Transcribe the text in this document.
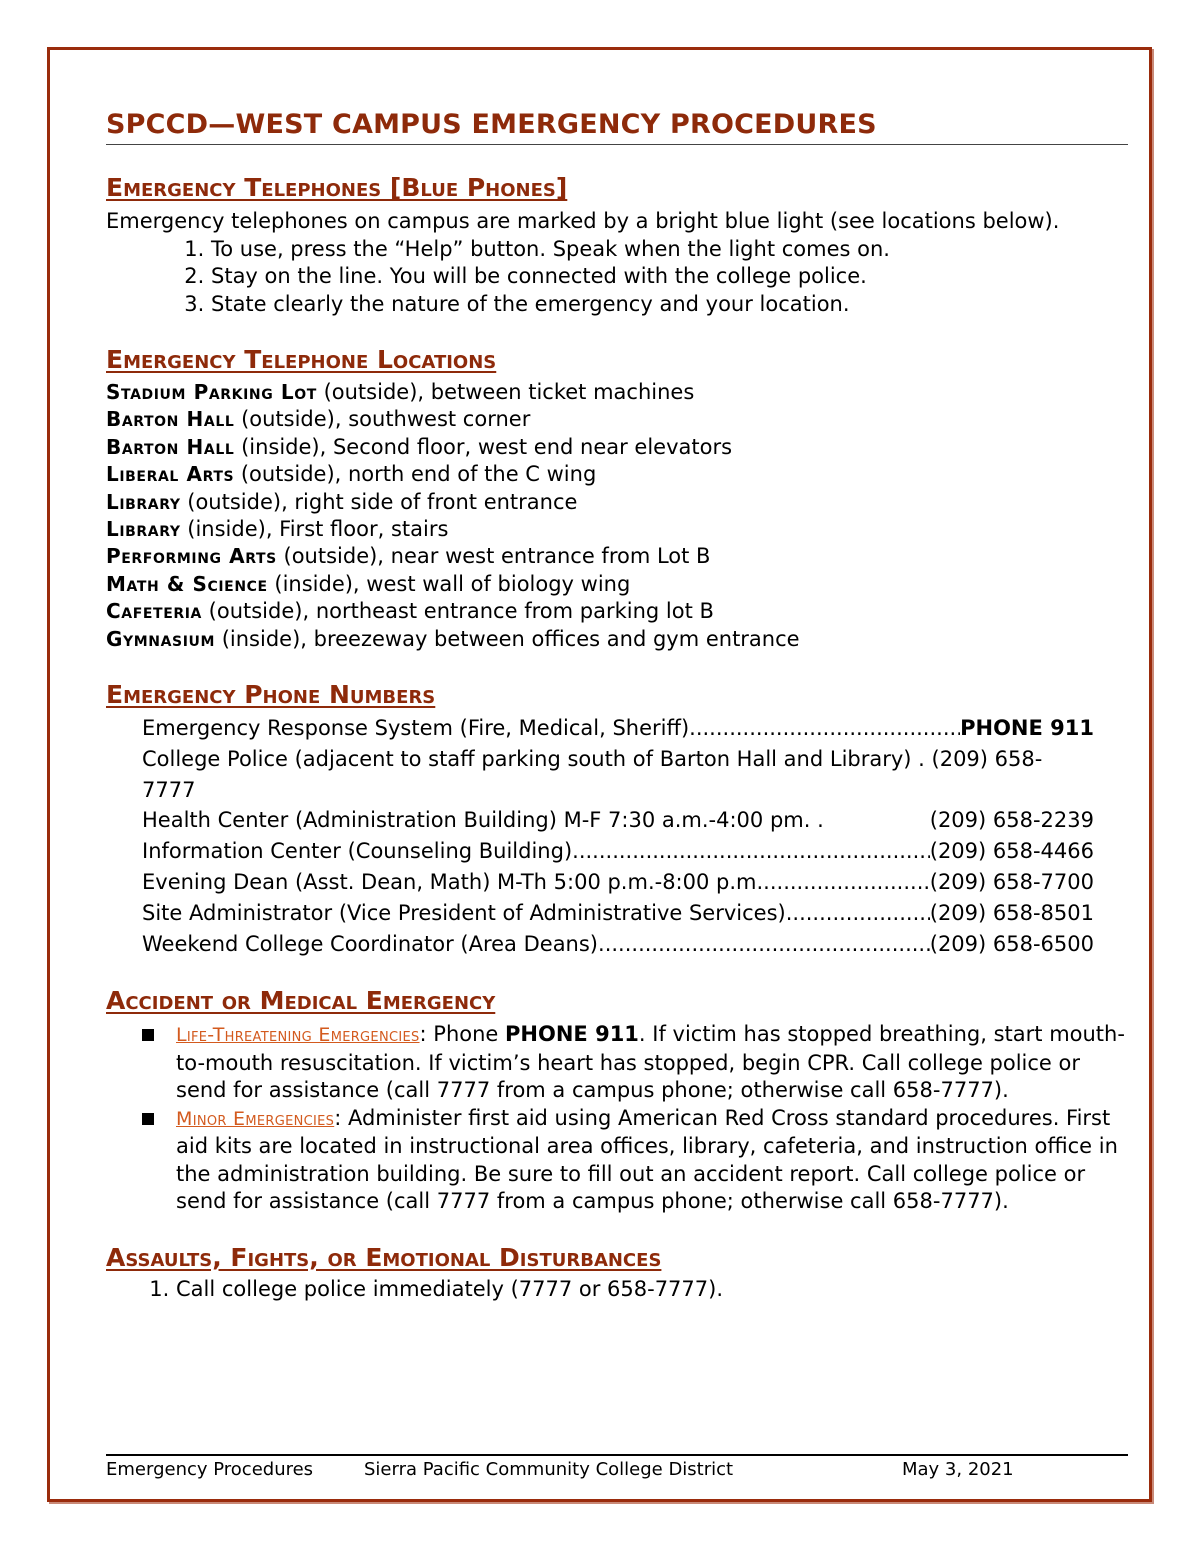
SPCCD—WEST CAMPUS EMERGENCY PROCEDURES
Emergency Telephones [Blue Phones]

Emergency telephones on campus are marked by a bright blue light (see locations below).

1. To use, press the “Help” button. Speak when the light comes on.
2. Stay on the line. You will be connected with the college police.
3. State clearly the nature of the emergency and your location.
Emergency Telephone Locations
Stadium Parking Lot (outside), between ticket machines
Barton Hall (outside), southwest corner
Barton Hall (inside), Second floor, west end near elevators
Liberal Arts (outside), north end of the C wing
Library (outside), right side of front entrance
Library (inside), First floor, stairs
Performing Arts (outside), near west entrance from Lot B
Math & Science (inside), west wall of biology wing
Cafeteria (outside), northeast entrance from parking lot B
Gymnasium (inside), breezeway between offices and gym entrance
Emergency Phone Numbers
Emergency Response System (Fire, Medical, Sheriff) .....	PHONE 911
College Police (adjacent to staff parking south of Barton Hall and Library) . (209) 658-7777
Health Center (Administration Building) M-F 7:30 a.m.-4:00 pm. .	(209) 658-2239
Information Center (Counseling Building) .....	(209) 658-4466
Evening Dean (Asst. Dean, Math) M-Th 5:00 p.m.-8:00 p.m. .....	(209) 658-7700
Site Administrator (Vice President of Administrative Services) .....	(209) 658-8501
Weekend College Coordinator (Area Deans) .....	(209) 658-6500
Accident or Medical Emergency
Life-Threatening Emergencies: Phone PHONE 911. If victim has stopped breathing, start mouth-to-mouth resuscitation. If victim’s heart has stopped, begin CPR. Call college police or send for assistance (call 7777 from a campus phone; otherwise call 658-7777).
Minor Emergencies: Administer first aid using American Red Cross standard procedures. First aid kits are located in instructional area offices, library, cafeteria, and instruction office in the administration building. Be sure to fill out an accident report. Call college police or send for assistance (call 7777 from a campus phone; otherwise call 658-7777).
Assaults, Fights, or Emotional Disturbances
1. Call college police immediately (7777 or 658-7777).
Emergency Procedures	Sierra Pacific Community College District	May 3, 2021
